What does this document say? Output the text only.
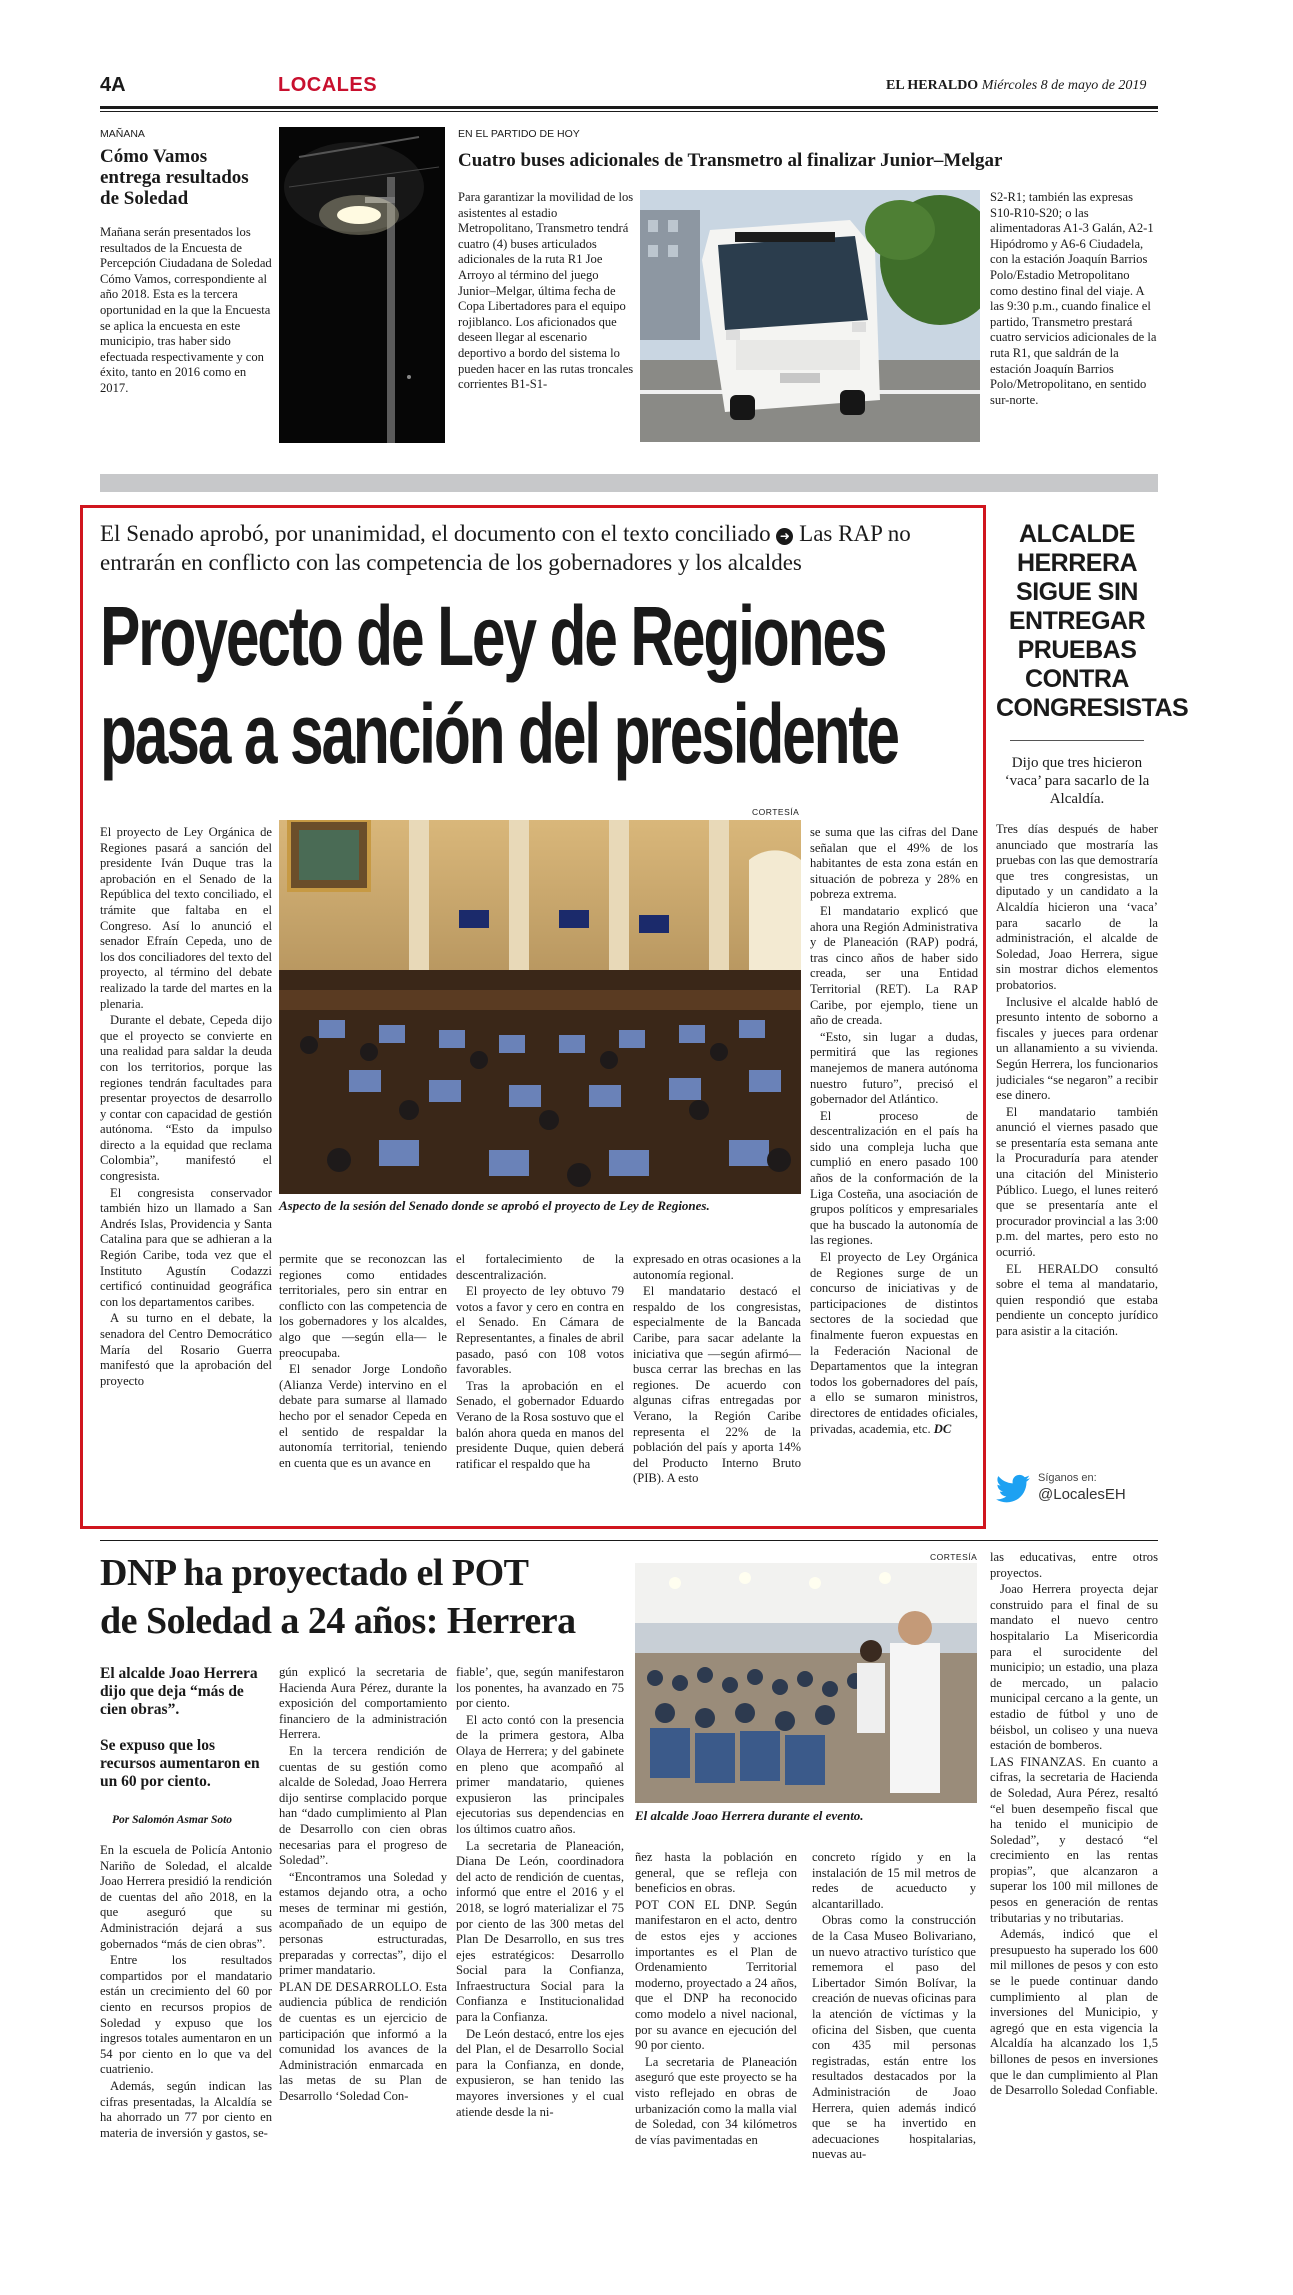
4A	LOCALES	EL HERALDO Miércoles 8 de mayo de 2019
MAÑANA
Cómo Vamos entrega resultados de Soledad

Mañana serán presentados los resultados de la Encuesta de Percepción Ciudadana de Soledad Cómo Vamos, correspondiente al año 2018. Esta es la tercera oportunidad en la que la Encuesta se aplica la encuesta en este municipio, tras haber sido efectuada respectivamente y con éxito, tanto en 2016 como en 2017.

EN EL PARTIDO DE HOY
Cuatro buses adicionales de Transmetro al finalizar Junior–Melgar

Para garantizar la movilidad de los asistentes al estadio Metropolitano, Transmetro tendrá cuatro (4) buses articulados adicionales de la ruta R1 Joe Arroyo al término del juego Junior–Melgar, última fecha de Copa Libertadores para el equipo rojiblanco. Los aficionados que deseen llegar al escenario deportivo a bordo del sistema lo pueden hacer en las rutas troncales corrientes B1-S1-

S2-R1; también las expresas S10-R10-S20; o las alimentadoras A1-3 Galán, A2-1 Hipódromo y A6-6 Ciudadela, con la estación Joaquín Barrios Polo/Estadio Metropolitano como destino final del viaje. A las 9:30 p.m., cuando finalice el partido, Transmetro prestará cuatro servicios adicionales de la ruta R1, que saldrán de la estación Joaquín Barrios Polo/Metropolitano, en sentido sur-norte.

El Senado aprobó, por unanimidad, el documento con el texto conciliado ➜ Las RAP no entrarán en conflicto con las competencia de los gobernadores y los alcaldes
Proyecto de Ley de Regiones
pasa a sanción del presidente

El proyecto de Ley Orgánica de Regiones pasará a sanción del presidente Iván Duque tras la aprobación en el Senado de la República del texto conciliado, el trámite que faltaba en el Congreso. Así lo anunció el senador Efraín Cepeda, uno de los dos conciliadores del texto del proyecto, al término del debate realizado la tarde del martes en la plenaria.

Durante el debate, Cepeda dijo que el proyecto se convierte en una realidad para saldar la deuda con los territorios, porque las regiones tendrán facultades para presentar proyectos de desarrollo y contar con capacidad de gestión autónoma. “Esto da impulso directo a la equidad que reclama Colombia”, manifestó el congresista.

El congresista conservador también hizo un llamado a San Andrés Islas, Providencia y Santa Catalina para que se adhieran a la Región Caribe, toda vez que el Instituto Agustín Codazzi certificó continuidad geográfica con los departamentos caribes.

A su turno en el debate, la senadora del Centro Democrático María del Rosario Guerra manifestó que la aprobación del proyecto

CORTESÍA
Aspecto de la sesión del Senado donde se aprobó el proyecto de Ley de Regiones.

permite que se reconozcan las regiones como entidades territoriales, pero sin entrar en conflicto con las competencia de los gobernadores y los alcaldes, algo que —según ella— le preocupaba.

El senador Jorge Londoño (Alianza Verde) intervino en el debate para sumarse al llamado hecho por el senador Cepeda en el sentido de respaldar la autonomía territorial, teniendo en cuenta que es un avance en

el fortalecimiento de la descentralización.

El proyecto de ley obtuvo 79 votos a favor y cero en contra en el Senado. En Cámara de Representantes, a finales de abril pasado, pasó con 108 votos favorables.

Tras la aprobación en el Senado, el gobernador Eduardo Verano de la Rosa sostuvo que el balón ahora queda en manos del presidente Duque, quien deberá ratificar el respaldo que ha

expresado en otras ocasiones a la autonomía regional.

El mandatario destacó el respaldo de los congresistas, especialmente de la Bancada Caribe, para sacar adelante la iniciativa que —según afirmó— busca cerrar las brechas en las regiones. De acuerdo con algunas cifras entregadas por Verano, la Región Caribe representa el 22% de la población del país y aporta 14% del Producto Interno Bruto (PIB). A esto

se suma que las cifras del Dane señalan que el 49% de los habitantes de esta zona están en situación de pobreza y 28% en pobreza extrema.

El mandatario explicó que ahora una Región Administrativa y de Planeación (RAP) podrá, tras cinco años de haber sido creada, ser una Entidad Territorial (RET). La RAP Caribe, por ejemplo, tiene un año de creada.

“Esto, sin lugar a dudas, permitirá que las regiones manejemos de manera autónoma nuestro futuro”, precisó el gobernador del Atlántico.

El proceso de descentralización en el país ha sido una compleja lucha que cumplió en enero pasado 100 años de la conformación de la Liga Costeña, una asociación de grupos políticos y empresariales que ha buscado la autonomía de las regiones.

El proyecto de Ley Orgánica de Regiones surge de un concurso de iniciativas y de participaciones de distintos sectores de la sociedad que finalmente fueron expuestas en la Federación Nacional de Departamentos que la integran todos los gobernadores del país, a ello se sumaron ministros, directores de entidades oficiales, privadas, academia, etc. DC

ALCALDE HERRERA SIGUE SIN ENTREGAR PRUEBAS CONTRA CONGRESISTAS
Dijo que tres hicieron ‘vaca’ para sacarlo de la Alcaldía.

Tres días después de haber anunciado que mostraría las pruebas con las que demostraría que tres congresistas, un diputado y un candidato a la Alcaldía hicieron una ‘vaca’ para sacarlo de la administración, el alcalde de Soledad, Joao Herrera, sigue sin mostrar dichos elementos probatorios.

Inclusive el alcalde habló de presunto intento de soborno a fiscales y jueces para ordenar un allanamiento a su vivienda. Según Herrera, los funcionarios judiciales “se negaron” a recibir ese dinero.

El mandatario también anunció el viernes pasado que se presentaría esta semana ante la Procuraduría para atender una citación del Ministerio Público. Luego, el lunes reiteró que se presentaría ante el procurador provincial a las 3:00 p.m. del martes, pero esto no ocurrió.

EL HERALDO consultó sobre el tema al mandatario, quien respondió que estaba pendiente un concepto jurídico para asistir a la citación.

Síganos en:
@LocalesEH
DNP ha proyectado el POT
de Soledad a 24 años: Herrera
El alcalde Joao Herrera dijo que deja “más de cien obras”.
Se expuso que los recursos aumentaron en un 60 por ciento.
Por Salomón Asmar Soto

En la escuela de Policía Antonio Nariño de Soledad, el alcalde Joao Herrera presidió la rendición de cuentas del año 2018, en la que aseguró que su Administración dejará a sus gobernados “más de cien obras”.

Entre los resultados compartidos por el mandatario están un crecimiento del 60 por ciento en recursos propios de Soledad y expuso que los ingresos totales aumentaron en un 54 por ciento en lo que va del cuatrienio.

Además, según indican las cifras presentadas, la Alcaldía se ha ahorrado un 77 por ciento en materia de inversión y gastos, se-

gún explicó la secretaria de Hacienda Aura Pérez, durante la exposición del comportamiento financiero de la administración Herrera.

En la tercera rendición de cuentas de su gestión como alcalde de Soledad, Joao Herrera dijo sentirse complacido porque han “dado cumplimiento al Plan de Desarrollo con cien obras necesarias para el progreso de Soledad”.

“Encontramos una Soledad y estamos dejando otra, a ocho meses de terminar mi gestión, acompañado de un equipo de personas estructuradas, preparadas y correctas”, dijo el primer mandatario.

PLAN DE DESARROLLO. Esta audiencia pública de rendición de cuentas es un ejercicio de participación que informó a la comunidad los avances de la Administración enmarcada en las metas de su Plan de Desarrollo ‘Soledad Con-

fiable’, que, según manifestaron los ponentes, ha avanzado en 75 por ciento.

El acto contó con la presencia de la primera gestora, Alba Olaya de Herrera; y del gabinete en pleno que acompañó al primer mandatario, quienes expusieron las principales ejecutorias sus dependencias en los últimos cuatro años.

La secretaria de Planeación, Diana De León, coordinadora del acto de rendición de cuentas, informó que entre el 2016 y el 2018, se logró materializar el 75 por ciento de las 300 metas del Plan De Desarrollo, en sus tres ejes estratégicos: Desarrollo Social para la Confianza, Infraestructura Social para la Confianza e Institucionalidad para la Confianza.

De León destacó, entre los ejes del Plan, el de Desarrollo Social para la Confianza, en donde, expusieron, se han tenido las mayores inversiones y el cual atiende desde la ni-

CORTESÍA
El alcalde Joao Herrera durante el evento.

ñez hasta la población en general, que se refleja con beneficios en obras.

POT CON EL DNP. Según manifestaron en el acto, dentro de estos ejes y acciones importantes es el Plan de Ordenamiento Territorial moderno, proyectado a 24 años, que el DNP ha reconocido como modelo a nivel nacional, por su avance en ejecución del 90 por ciento.

La secretaria de Planeación aseguró que este proyecto se ha visto reflejado en obras de urbanización como la malla vial de Soledad, con 34 kilómetros de vías pavimentadas en

concreto rígido y en la instalación de 15 mil metros de redes de acueducto y alcantarillado.

Obras como la construcción de la Casa Museo Bolivariano, un nuevo atractivo turístico que rememora el paso del Libertador Simón Bolívar, la creación de nuevas oficinas para la atención de víctimas y la oficina del Sisben, que cuenta con 435 mil personas registradas, están entre los resultados destacados por la Administración de Joao Herrera, quien además indicó que se ha invertido en adecuaciones hospitalarias, nuevas au-

las educativas, entre otros proyectos.

Joao Herrera proyecta dejar construido para el final de su mandato el nuevo centro hospitalario La Misericordia para el surocidente del municipio; un estadio, una plaza de mercado, un palacio municipal cercano a la gente, un estadio de fútbol y uno de béisbol, un coliseo y una nueva estación de bomberos.

LAS FINANZAS. En cuanto a cifras, la secretaria de Hacienda de Soledad, Aura Pérez, resaltó “el buen desempeño fiscal que ha tenido el municipio de Soledad”, y destacó “el crecimiento en las rentas propias”, que alcanzaron a superar los 100 mil millones de pesos en generación de rentas tributarias y no tributarias.

Además, indicó que el presupuesto ha superado los 600 mil millones de pesos y con esto se le puede continuar dando cumplimiento al plan de inversiones del Municipio, y agregó que en esta vigencia la Alcaldía ha alcanzado los 1,5 billones de pesos en inversiones que le dan cumplimiento al Plan de Desarrollo Soledad Confiable.
